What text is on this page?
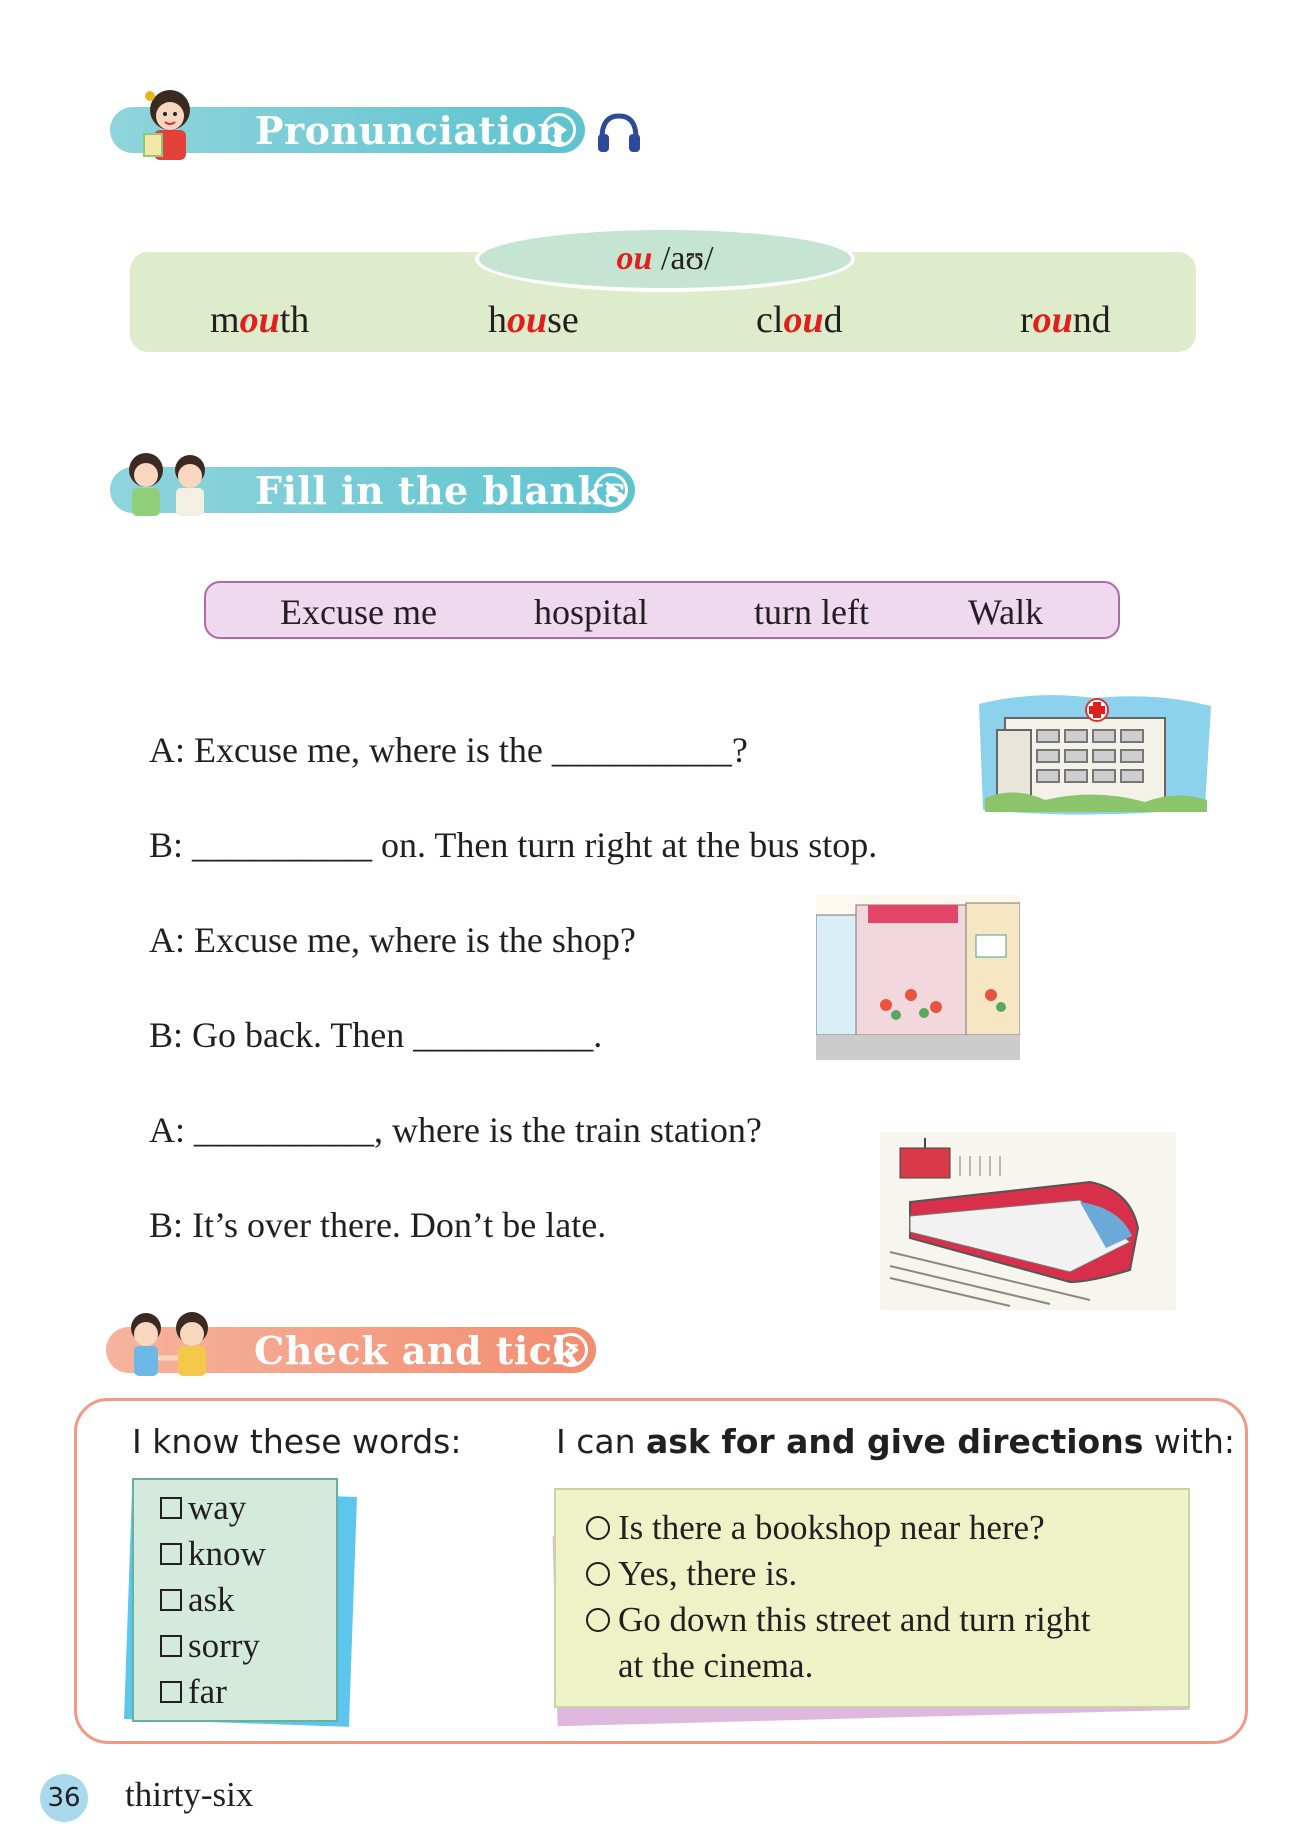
Pronunciation
ou
/aʊ/
mouth	house	cloud	round
Fill in the blanks
Excuse me	hospital	turn left	Walk
A: Excuse me, where is the __________?
B: __________ on. Then turn right at the bus stop.
A: Excuse me, where is the shop?
B: Go back. Then __________.
A: __________, where is the train station?
B: It’s over there. Don’t be late.
Check and tick
I know these words:	I can ask for and give directions with:
way
know
ask
sorry
far
Is there a bookshop near here?
Yes, there is.
Go down this street and turn right
at the cinema.
36 thirty-six
